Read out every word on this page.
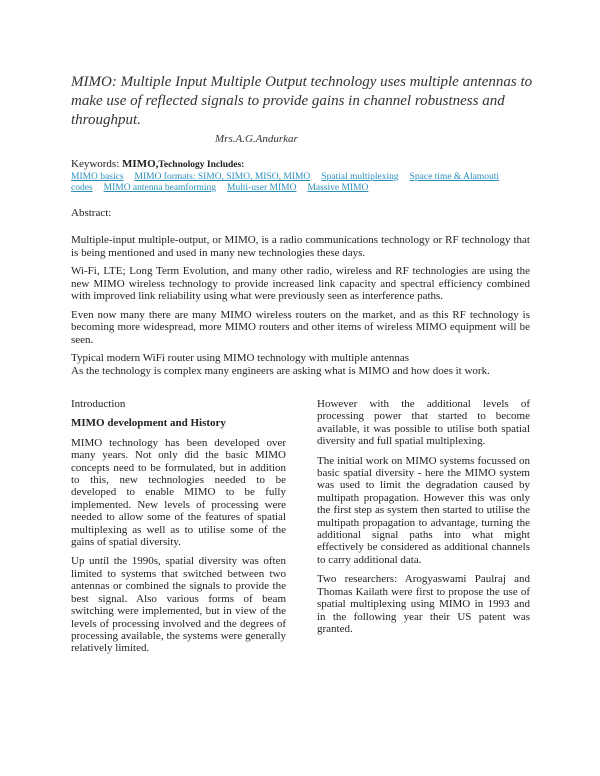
MIMO: Multiple Input Multiple Output technology uses multiple antennas to make use of reflected signals to provide gains in channel robustness and throughput.
Mrs.A.G.Andurkar
Keywords: MIMO,Technology Includes:
MIMO basics MIMO formats: SIMO, SIMO, MISO, MIMO Spatial multiplexing Space time & Alamouti codes MIMO antenna beamforming Multi-user MIMO Massive MIMO
Abstract:

Multiple-input multiple-output, or MIMO, is a radio communications technology or RF technology that is being mentioned and used in many new technologies these days.

Wi-Fi, LTE; Long Term Evolution, and many other radio, wireless and RF technologies are using the new MIMO wireless technology to provide increased link capacity and spectral efficiency combined with improved link reliability using what were previously seen as interference paths.

Even now many there are many MIMO wireless routers on the market, and as this RF technology is becoming more widespread, more MIMO routers and other items of wireless MIMO equipment will be seen.

Typical modern WiFi router using MIMO technology with multiple antennas

As the technology is complex many engineers are asking what is MIMO and how does it work.

Introduction
MIMO development and History

MIMO technology has been developed over many years. Not only did the basic MIMO concepts need to be formulated, but in addition to this, new technologies needed to be developed to enable MIMO to be fully implemented. New levels of processing were needed to allow some of the features of spatial multiplexing as well as to utilise some of the gains of spatial diversity.

Up until the 1990s, spatial diversity was often limited to systems that switched between two antennas or combined the signals to provide the best signal. Also various forms of beam switching were implemented, but in view of the levels of processing involved and the degrees of processing available, the systems were generally relatively limited.

However with the additional levels of processing power that started to become available, it was possible to utilise both spatial diversity and full spatial multiplexing.

The initial work on MIMO systems focussed on basic spatial diversity - here the MIMO system was used to limit the degradation caused by multipath propagation. However this was only the first step as system then started to utilise the multipath propagation to advantage, turning the additional signal paths into what might effectively be considered as additional channels to carry additional data.

Two researchers: Arogyaswami Paulraj and Thomas Kailath were first to propose the use of spatial multiplexing using MIMO in 1993 and in the following year their US patent was granted.
